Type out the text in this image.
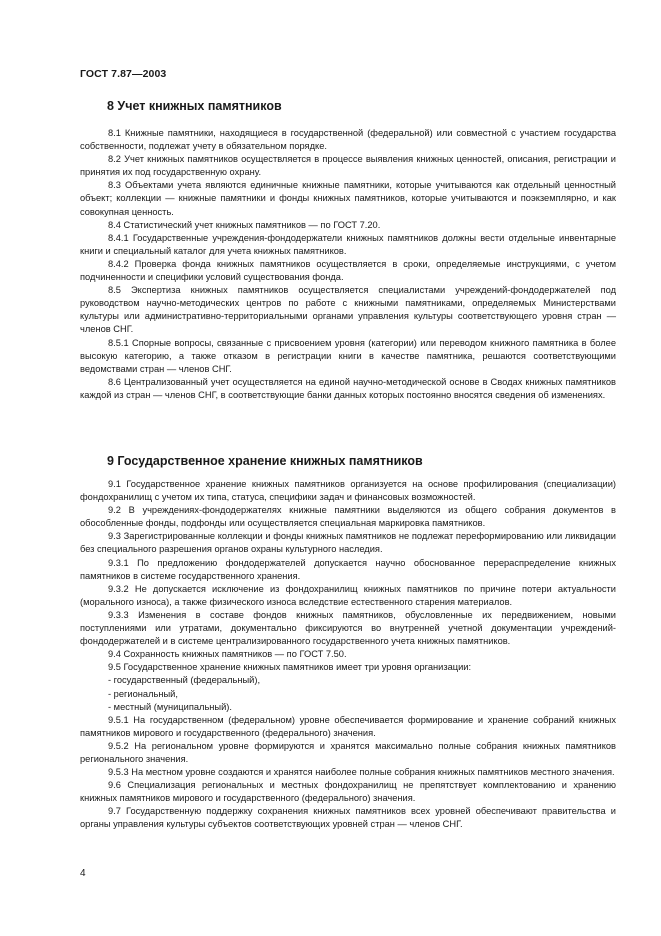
ГОСТ 7.87—2003
8 Учет книжных памятников

8.1 Книжные памятники, находящиеся в государственной (федеральной) или совместной с участием государства собственности, подлежат учету в обязательном порядке.

8.2 Учет книжных памятников осуществляется в процессе выявления книжных ценностей, описания, регистрации и принятия их под государственную охрану.

8.3 Объектами учета являются единичные книжные памятники, которые учитываются как отдельный ценностный объект; коллекции — книжные памятники и фонды книжных памятников, которые учитываются и поэкземплярно, и как совокупная ценность.

8.4 Статистический учет книжных памятников — по ГОСТ 7.20.

8.4.1 Государственные учреждения-фондодержатели книжных памятников должны вести отдельные инвентарные книги и специальный каталог для учета книжных памятников.

8.4.2 Проверка фонда книжных памятников осуществляется в сроки, определяемые инструкциями, с учетом подчиненности и специфики условий существования фонда.

8.5 Экспертиза книжных памятников осуществляется специалистами учреждений-фондодержателей под руководством научно-методических центров по работе с книжными памятниками, определяемых Министерствами культуры или административно-территориальными органами управления культуры соответствующего уровня стран — членов СНГ.

8.5.1 Спорные вопросы, связанные с присвоением уровня (категории) или переводом книжного памятника в более высокую категорию, а также отказом в регистрации книги в качестве памятника, решаются соответствующими ведомствами стран — членов СНГ.

8.6 Централизованный учет осуществляется на единой научно-методической основе в Сводах книжных памятников каждой из стран — членов СНГ, в соответствующие банки данных которых постоянно вносятся сведения об изменениях.

9 Государственное хранение книжных памятников

9.1 Государственное хранение книжных памятников организуется на основе профилирования (специализации) фондохранилищ с учетом их типа, статуса, специфики задач и финансовых возможностей.

9.2 В учреждениях-фондодержателях книжные памятники выделяются из общего собрания документов в обособленные фонды, подфонды или осуществляется специальная маркировка памятников.

9.3 Зарегистрированные коллекции и фонды книжных памятников не подлежат переформированию или ликвидации без специального разрешения органов охраны культурного наследия.

9.3.1 По предложению фондодержателей допускается научно обоснованное перераспределение книжных памятников в системе государственного хранения.

9.3.2 Не допускается исключение из фондохранилищ книжных памятников по причине потери актуальности (морального износа), а также физического износа вследствие естественного старения материалов.

9.3.3 Изменения в составе фондов книжных памятников, обусловленные их передвижением, новыми поступлениями или утратами, документально фиксируются во внутренней учетной документации учреждений-фондодержателей и в системе централизированного государственного учета книжных памятников.

9.4 Сохранность книжных памятников — по ГОСТ 7.50.

9.5 Государственное хранение книжных памятников имеет три уровня организации:

- государственный (федеральный),

- региональный,

- местный (муниципальный).

9.5.1 На государственном (федеральном) уровне обеспечивается формирование и хранение собраний книжных памятников мирового и государственного (федерального) значения.

9.5.2 На региональном уровне формируются и хранятся максимально полные собрания книжных памятников регионального значения.

9.5.3 На местном уровне создаются и хранятся наиболее полные собрания книжных памятников местного значения.

9.6 Специализация региональных и местных фондохранилищ не препятствует комплектованию и хранению книжных памятников мирового и государственного (федерального) значения.

9.7 Государственную поддержку сохранения книжных памятников всех уровней обеспечивают правительства и органы управления культуры субъектов соответствующих уровней стран — членов СНГ.

4
